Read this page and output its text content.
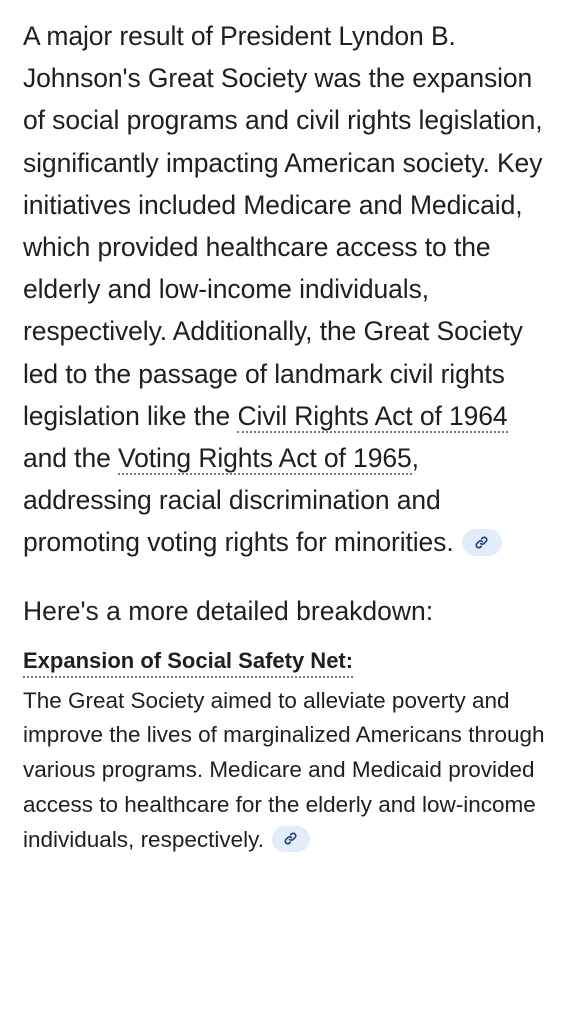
A major result of President Lyndon B. Johnson's Great Society was the expansion of social programs and civil rights legislation, significantly impacting American society. Key initiatives included Medicare and Medicaid, which provided healthcare access to the elderly and low-income individuals, respectively. Additionally, the Great Society led to the passage of landmark civil rights legislation like the Civil Rights Act of 1964 and the Voting Rights Act of 1965, addressing racial discrimination and promoting voting rights for minorities.

Here's a more detailed breakdown:

Expansion of Social Safety Net:

The Great Society aimed to alleviate poverty and improve the lives of marginalized Americans through various programs. Medicare and Medicaid provided access to healthcare for the elderly and low-income individuals, respectively.
